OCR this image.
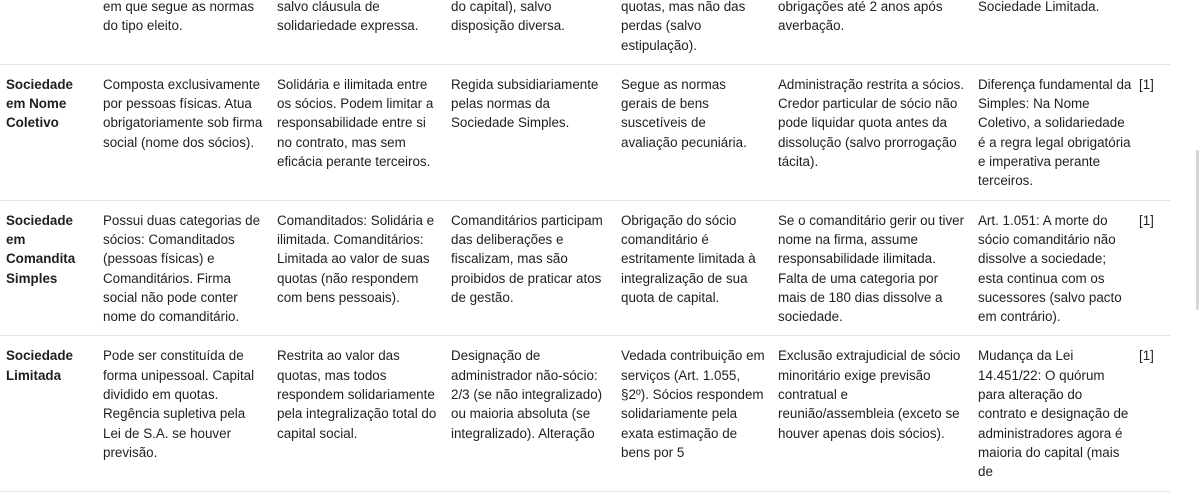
	em que segue as normas do tipo eleito.	salvo cláusula de solidariedade expressa.	do capital), salvo disposição diversa.	quotas, mas não das perdas (salvo estipulação).	obrigações até 2 anos após averbação.	Sociedade Limitada.	
Sociedade em Nome Coletivo	Composta exclusivamente por pessoas físicas. Atua obrigatoriamente sob firma social (nome dos sócios).	Solidária e ilimitada entre os sócios. Podem limitar a responsabilidade entre si no contrato, mas sem eficácia perante terceiros.	Regida subsidiariamente pelas normas da Sociedade Simples.	Segue as normas gerais de bens suscetíveis de avaliação pecuniária.	Administração restrita a sócios. Credor particular de sócio não pode liquidar quota antes da dissolução (salvo prorrogação tácita).	Diferença fundamental da Simples: Na Nome Coletivo, a solidariedade é a regra legal obrigatória e imperativa perante terceiros.	[1]
Sociedade em Comandita Simples	Possui duas categorias de sócios: Comanditados (pessoas físicas) e Comanditários. Firma social não pode conter nome do comanditário.	Comanditados: Solidária e ilimitada. Comanditários: Limitada ao valor de suas quotas (não respondem com bens pessoais).	Comanditários participam das deliberações e fiscalizam, mas são proibidos de praticar atos de gestão.	Obrigação do sócio comanditário é estritamente limitada à integralização de sua quota de capital.	Se o comanditário gerir ou tiver nome na firma, assume responsabilidade ilimitada. Falta de uma categoria por mais de 180 dias dissolve a sociedade.	Art. 1.051: A morte do sócio comanditário não dissolve a sociedade; esta continua com os sucessores (salvo pacto em contrário).	[1]
Sociedade Limitada	Pode ser constituída de forma unipessoal. Capital dividido em quotas. Regência supletiva pela Lei de S.A. se houver previsão.	Restrita ao valor das quotas, mas todos respondem solidariamente pela integralização total do capital social.	Designação de administrador não-sócio: 2/3 (se não integralizado) ou maioria absoluta (se integralizado). Alteração	Vedada contribuição em serviços (Art. 1.055, §2º). Sócios respondem solidariamente pela exata estimação de bens por 5	Exclusão extrajudicial de sócio minoritário exige previsão contratual e reunião/assembleia (exceto se houver apenas dois sócios).	Mudança da Lei 14.451/22: O quórum para alteração do contrato e designação de administradores agora é maioria do capital (mais de	[1]
